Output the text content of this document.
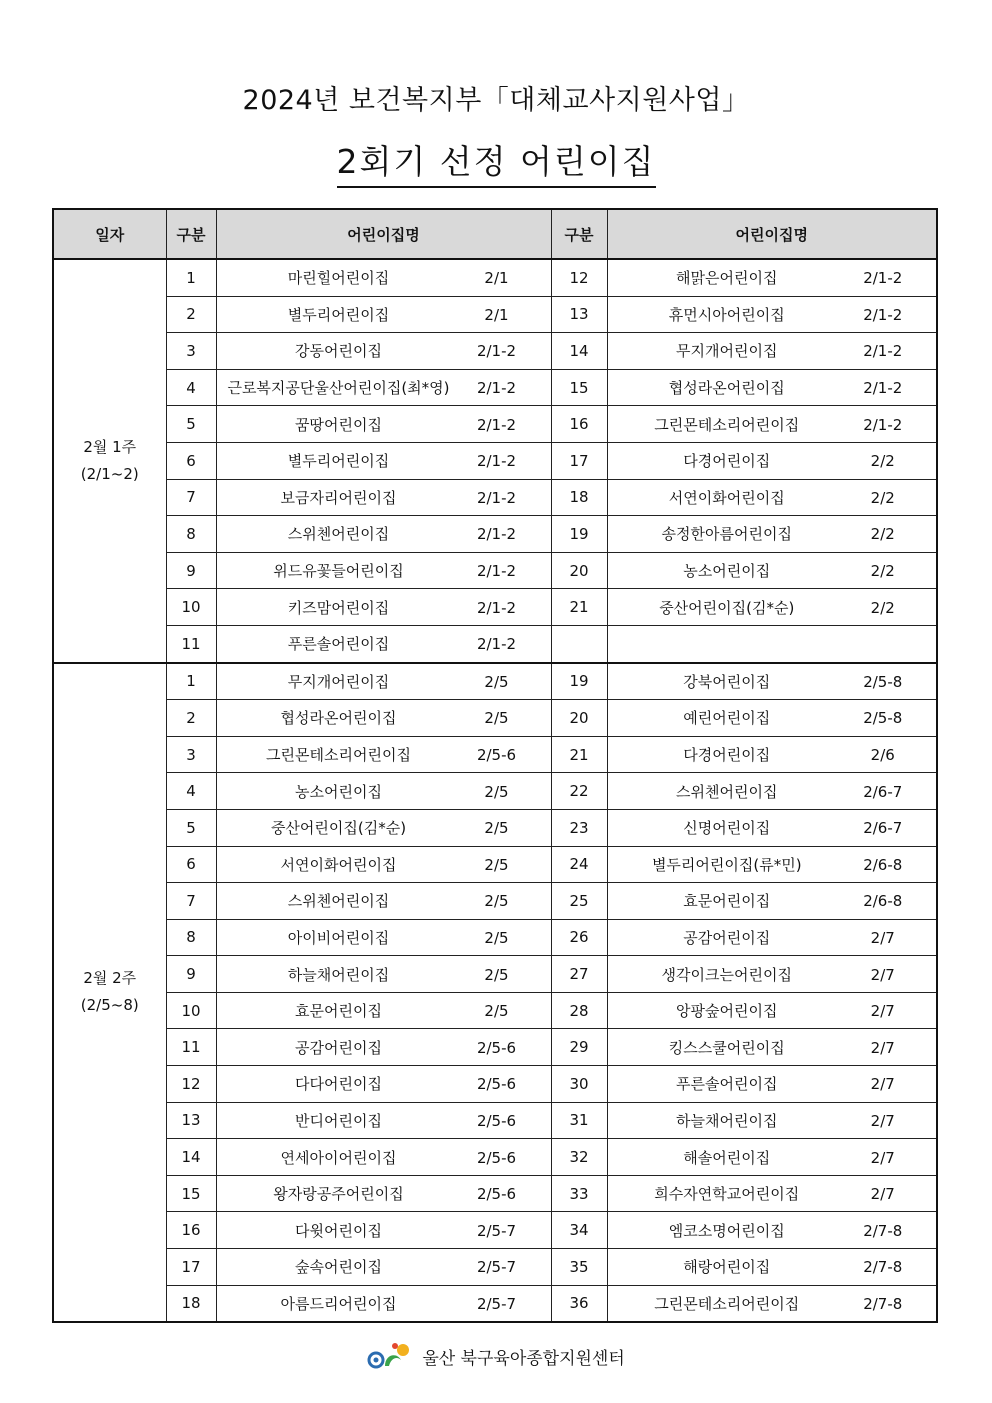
2024년 보건복지부「대체교사지원사업」
2회기 선정 어린이집
일자	구분	어린이집명	구분	어린이집명

2월 1주
(2/1~2)	1	마린힐어린이집 2/1	12	해맑은어린이집 2/1-2
	2	별두리어린이집 2/1	13	휴먼시아어린이집 2/1-2
	3	강동어린이집 2/1-2	14	무지개어린이집 2/1-2
	4	근로복지공단울산어린이집(최*영) 2/1-2	15	협성라온어린이집 2/1-2
	5	꿈땅어린이집 2/1-2	16	그린몬테소리어린이집 2/1-2
	6	별두리어린이집 2/1-2	17	다경어린이집 2/2
	7	보금자리어린이집 2/1-2	18	서연이화어린이집 2/2
	8	스위첸어린이집 2/1-2	19	송정한아름어린이집 2/2
	9	위드유꽃들어린이집 2/1-2	20	농소어린이집 2/2
	10	키즈맘어린이집 2/1-2	21	중산어린이집(김*순) 2/2
	11	푸른솔어린이집 2/1-2		

2월 2주
(2/5~8)	1	무지개어린이집 2/5	19	강북어린이집 2/5-8
	2	협성라온어린이집 2/5	20	예린어린이집 2/5-8
	3	그린몬테소리어린이집 2/5-6	21	다경어린이집 2/6
	4	농소어린이집 2/5	22	스위첸어린이집 2/6-7
	5	중산어린이집(김*순) 2/5	23	신명어린이집 2/6-7
	6	서연이화어린이집 2/5	24	별두리어린이집(류*민) 2/6-8
	7	스위첸어린이집 2/5	25	효문어린이집 2/6-8
	8	아이비어린이집 2/5	26	공감어린이집 2/7
	9	하늘채어린이집 2/5	27	생각이크는어린이집 2/7
	10	효문어린이집 2/5	28	앙팡숲어린이집 2/7
	11	공감어린이집 2/5-6	29	킹스스쿨어린이집 2/7
	12	다다어린이집 2/5-6	30	푸른솔어린이집 2/7
	13	반디어린이집 2/5-6	31	하늘채어린이집 2/7
	14	연세아이어린이집 2/5-6	32	해솔어린이집 2/7
	15	왕자랑공주어린이집 2/5-6	33	희수자연학교어린이집 2/7
	16	다윗어린이집 2/5-7	34	엠코소명어린이집 2/7-8
	17	숲속어린이집 2/5-7	35	해랑어린이집 2/7-8
	18	아름드리어린이집 2/5-7	36	그린몬테소리어린이집 2/7-8
울산 북구육아종합지원센터
